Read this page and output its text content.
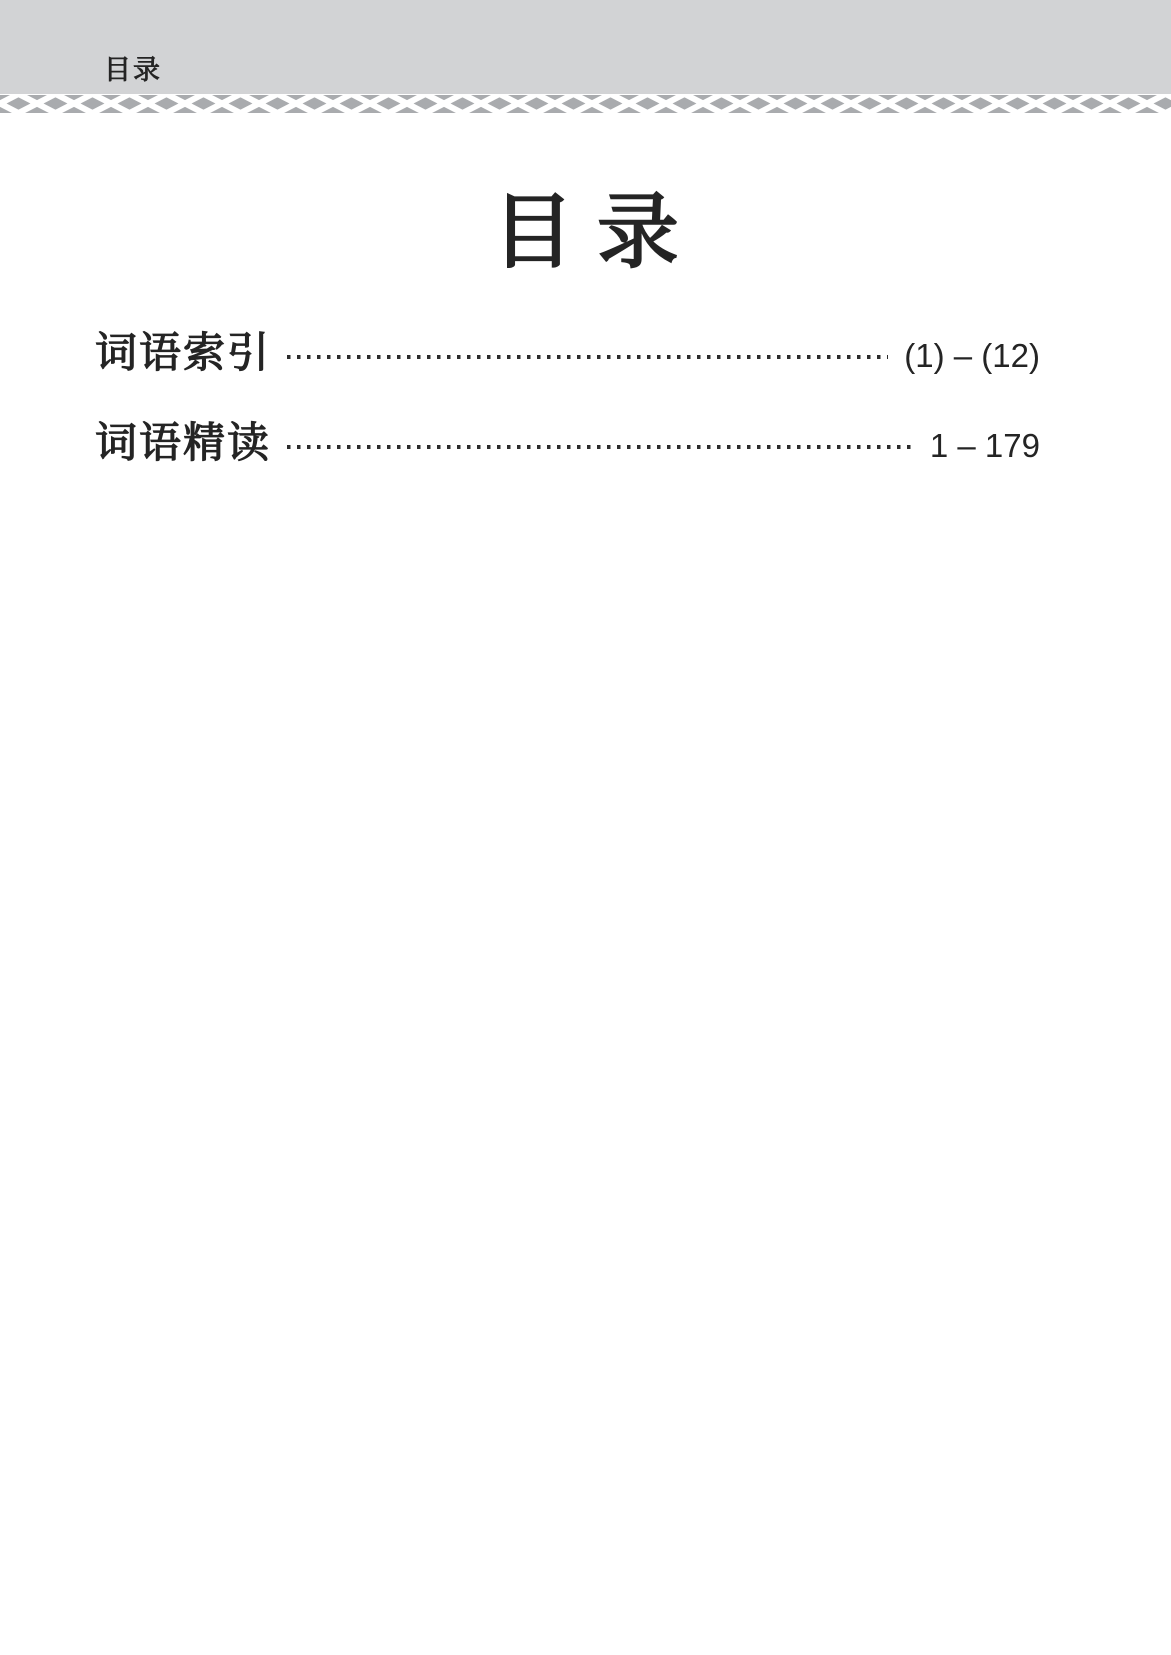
目录
目 录
词语索引	(1) – (12)
词语精读	1 – 179
